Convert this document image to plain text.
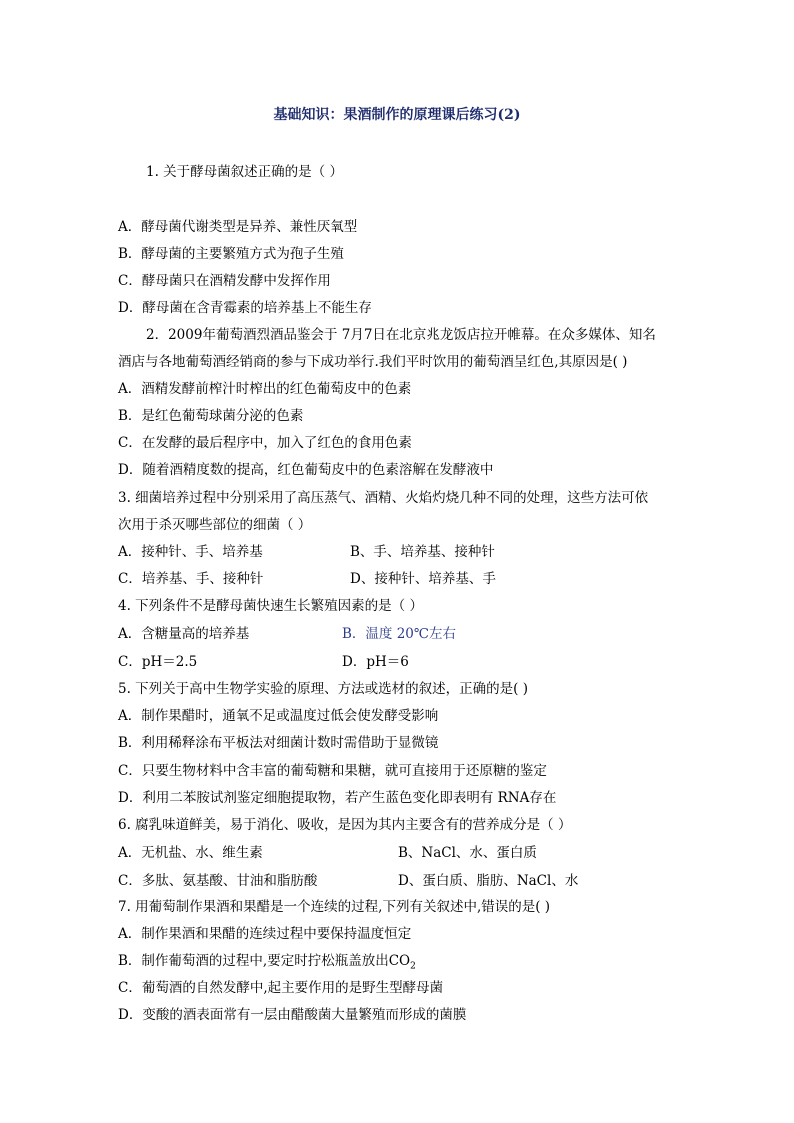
基础知识：果酒制作的原理课后练习(2)
1. 关于酵母菌叙述正确的是（ ）
A．酵母菌代谢类型是异养、兼性厌氧型
B．酵母菌的主要繁殖方式为孢子生殖
C．酵母菌只在酒精发酵中发挥作用
D．酵母菌在含青霉素的培养基上不能生存
2．2009年葡萄酒烈酒品鉴会于 7月7日在北京兆龙饭店拉开帷幕。在众多媒体、知名
酒店与各地葡萄酒经销商的参与下成功举行.我们平时饮用的葡萄酒呈红色,其原因是( )
A．酒精发酵前榨汁时榨出的红色葡萄皮中的色素
B．是红色葡萄球菌分泌的色素
C．在发酵的最后程序中，加入了红色的食用色素
D．随着酒精度数的提高，红色葡萄皮中的色素溶解在发酵液中
3. 细菌培养过程中分别采用了高压蒸气、酒精、火焰灼烧几种不同的处理，这些方法可依
次用于杀灭哪些部位的细菌（ ）
A．接种针、手、培养基	B、手、培养基、接种针
C．培养基、手、接种针	D、接种针、培养基、手
4. 下列条件不是酵母菌快速生长繁殖因素的是（ ）
A．含糖量高的培养基	B．温度 20℃左右
C．pH＝2.5	D．pH＝6
5. 下列关于高中生物学实验的原理、方法或选材的叙述，正确的是( )
A．制作果醋时，通氧不足或温度过低会使发酵受影响
B．利用稀释涂布平板法对细菌计数时需借助于显微镜
C．只要生物材料中含丰富的葡萄糖和果糖，就可直接用于还原糖的鉴定
D．利用二苯胺试剂鉴定细胞提取物，若产生蓝色变化即表明有 RNA存在
6. 腐乳味道鲜美，易于消化、吸收，是因为其内主要含有的营养成分是（ ）
A．无机盐、水、维生素	B、NaCl、水、蛋白质
C．多肽、氨基酸、甘油和脂肪酸	D、蛋白质、脂肪、NaCl、水
7. 用葡萄制作果酒和果醋是一个连续的过程,下列有关叙述中,错误的是( )
A．制作果酒和果醋的连续过程中要保持温度恒定
B．制作葡萄酒的过程中,要定时拧松瓶盖放出$CO_2$
C．葡萄酒的自然发酵中,起主要作用的是野生型酵母菌
D．变酸的酒表面常有一层由醋酸菌大量繁殖而形成的菌膜
